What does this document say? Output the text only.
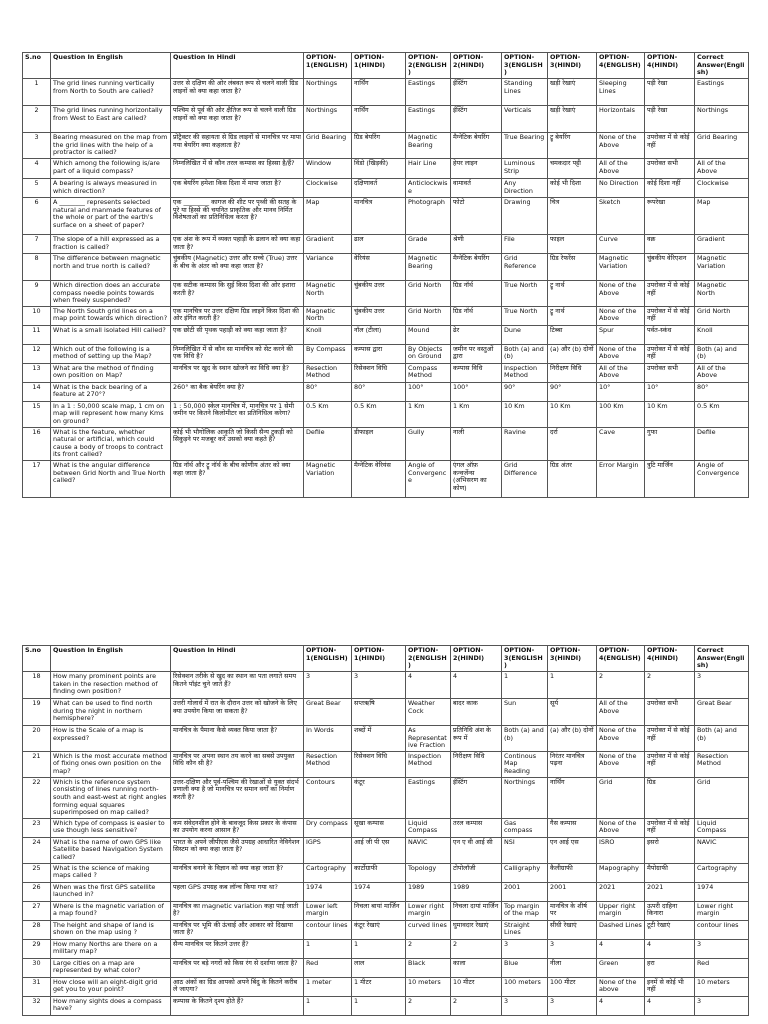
S.no	Question In English	Question In Hindi	OPTION-1(ENGLISH)	OPTION-1(HINDI)	OPTION-2(ENGLISH)	OPTION-2(HINDI)	OPTION-3(ENGLISH)	OPTION-3(HINDI)	OPTION-4(ENGLISH)	OPTION-4(HINDI)	Correct Answer(English)
1	The grid lines running vertically from North to South are called?	उत्तर से दक्षिण की ओर लंबवत रूप से चलने वाली ग्रिड लाइनों को क्या कहा जाता है?	Northings	नार्थिंग	Eastings	ईस्टिंग	Standing Lines	खड़ी रेखाएं	Sleeping Lines	पड़ी रेखा	Eastings
2	The grid lines running horizontally from West to East are called?	पश्चिम से पूर्व की ओर क्षैतिज रूप से चलने वाली ग्रिड लाइनों को क्या कहा जाता है?	Northings	नार्थिंग	Eastings	ईस्टिंग	Verticals	खड़ी रेखाएं	Horizontals	पड़ी रेखा	Northings
3	Bearing measured on the map from the grid lines with the help of a protractor is called?	प्रोट्रैक्टर की सहायता से ग्रिड लाइनों से मानचित्र पर मापा गया बेयरिंग क्या कहलाता है?	Grid Bearing	ग्रिड बेयरिंग	Magnetic Bearing	मैग्नेटिक बेयरिंग	True Bearing	ट्रू बेयरिंग	None of the Above	उपरोक्त में से कोई नहीं	Grid Bearing
4	Which among the following is/are part of a liquid compass?	निम्नलिखित में से कौन तरल कम्पास का हिस्सा है/हैं?	Window	विंडो (खिड़की)	Hair Line	हेयर लाइन	Luminous Strip	चमकदार पट्टी	All of the Above	उपरोक्त सभी	All of the Above
5	A bearing is always measured in which direction?	एक बेयरिंग हमेशा किस दिशा में मापा जाता है?	Clockwise	दक्षिणावर्त	Anticlockwise	वामावर्त	Any Direction	कोई भी दिशा	No Direction	कोई दिशा नहीं	Clockwise
6	A ________ represents selected natural and manmade features of the whole or part of the earth's surface on a sheet of paper?	एक ________ कागज की शीट पर पृथ्वी की सतह के पूरे या हिस्से की चयनित प्राकृतिक और मानव निर्मित विशेषताओं का प्रतिनिधित्व करता है?	Map	मानचित्र	Photograph	फोटो	Drawing	चित्र	Sketch	रूपरेखा	Map
7	The slope of a hill expressed as a fraction is called?	एक अंश के रूप में व्यक्त पहाड़ी के ढलान को क्या कहा जाता है?	Gradient	ढाल	Grade	श्रेणी	File	फाइल	Curve	वक्र	Gradient
8	The difference between magnetic north and true north is called?	चुंबकीय (Magnetic) उत्तर और सच्चे (True) उत्तर के बीच के अंतर को क्या कहा जाता है?	Variance	वेरियंस	Magnetic Bearing	मैग्नेटिक बेयरिंग	Grid Reference	ग्रिड रेफरेंस	Magnetic Variation	चुंबकीय वेरिएशन	Magnetic Variation
9	Which direction does an accurate compass needle points towards when freely suspended?	एक सटीक कम्पास कि सुई किस दिशा की ओर इशारा करती है?	Magnetic North	चुंबकीय उत्तर	Grid North	ग्रिड नॉर्थ	True North	ट्रू नार्थ	None of the Above	उपरोक्त में से कोई नहीं	Magnetic North
10	The North South grid lines on a map point towards which direction?	एक मानचित्र पर उत्तर दक्षिण ग्रिड लाइनें किस दिशा की ओर इंगित करती हैं?	Magnetic North	चुंबकीय उत्तर	Grid North	ग्रिड नॉर्थ	True North	ट्रू नार्थ	None of the Above	उपरोक्त में से कोई नहीं	Grid North
11	What is a small isolated Hill called?	एक छोटी सी पृथक पहाड़ी को क्या कहा जाता है?	Knoll	नॉल (टीला)	Mound	ढेर	Dune	टिब्बा	Spur	पर्वत-स्कंध	Knoll
12	Which out of the following is a method of setting up the Map?	निम्नलिखित में से कौन सा मानचित्र को सेट करने की एक विधि है?	By Compass	कम्पास द्वारा	By Objects on Ground	जमीन पर वस्तुओं द्वारा	Both (a) and (b)	(a) और (b) दोनों	None of the Above	उपरोक्त में से कोई नहीं	Both (a) and (b)
13	What are the method of finding own position on Map?	मानचित्र पर खुद के स्थान खोजने का विधि क्या है?	Resection Method	रिसेक्शन विधि	Compass Method	कम्पास विधि	Inspection Method	निरीक्षण विधि	All of the Above	उपरोक्त सभी	All of the Above
14	What is the back bearing of a feature at 270°?	260° का बैक बेयरिंग क्या है?	80°	80°	100°	100°	90°	90°	10°	10°	80°
15	In a 1 : 50,000 scale map, 1 cm on map will represent how many Kms on ground?	1 : 50,000 स्केल मानचित्र में, मानचित्र पर 1 सेमी जमीन पर कितने किलोमीटर का प्रतिनिधित्व करेगा?	0.5 Km	0.5 Km	1 Km	1 Km	10 Km	10 Km	100 Km	10 Km	0.5 Km
16	What is the feature, whether natural or artificial, which could cause a body of troops to contract its front called?	कोई भी भौगोलिक आकृति जो किसी सैन्य टुकड़ी को सिकुड़ने पर मजबूर करें उसको क्या कहते है?	Defile	डीफाइल	Gully	नाली	Ravine	दर्रा	Cave	गुफा	Defile
17	What is the angular difference between Grid North and True North called?	ग्रिड नॉर्थ और ट्रू नॉर्थ के बीच कोणीय अंतर को क्या कहा जाता है?	Magnetic Variation	मैग्नेटिक वेरियंस	Angle of Convergence	एंगल ऑफ़ कन्वर्जेन्स (अभिसरण का कोण)	Grid Difference	ग्रिड अंतर	Error Margin	त्रुटि मार्जिन	Angle of Convergence
S.no	Question In English	Question In Hindi	OPTION-1(ENGLISH)	OPTION-1(HINDI)	OPTION-2(ENGLISH)	OPTION-2(HINDI)	OPTION-3(ENGLISH)	OPTION-3(HINDI)	OPTION-4(ENGLISH)	OPTION-4(HINDI)	Correct Answer(English)
18	How many prominent points are taken in the resection method of finding own position?	रिसेक्शन तरीके से खुद का स्थान का पता लगाते समय कितने पॉइंट चुने जाते हैं?	3	3	4	4	1	1	2	2	3
19	What can be used to find north during the night in northern hemisphere?	उत्तरी गोलार्ध में रात के दौरान उत्तर को खोजने के लिए क्या उपयोग किया जा सकता है?	Great Bear	सप्तऋषि	Weather Cock	बादर काक	Sun	सूर्य	All of the Above	उपरोक्त सभी	Great Bear
20	How is the Scale of a map is expressed?	मानचित्र के पैमाना कैसे व्यक्त किया जाता है?	In Words	शब्दों में	As Representative Fraction	प्रतिनिधि अंश के रूप में	Both (a) and (b)	(a) और (b) दोनों	None of the Above	उपरोक्त में से कोई नहीं	Both (a) and (b)
21	Which is the most accurate method of fixing ones own position on the map?	मानचित्र पर अपना स्थान तय करने का सबसे उपयुक्त विधि कौन सी है?	Resection Method	रिसेक्शन विधि	Inspection Method	निरीक्षण विधि	Continous Map Reading	निरंतर मानचित्र पढ़ना	None of the Above	उपरोक्त में से कोई नहीं	Resection Method
22	Which is the reference system consisting of lines running north-south and east-west at right angles forming equal squares superimposed on map called?	उत्तर-दक्षिण और पूर्व-पश्चिम की रेखाओं से युक्त संदर्भ प्रणाली क्या है जो मानचित्र पर समान वर्गों का निर्माण करती है?	Contours	कंटूर	Eastings	ईस्टिंग	Northings	नार्थिंग	Grid	ग्रिड	Grid
23	Which type of compass is easier to use though less sensitive?	कम संवेदनशील होने के बावजूद किस प्रकार के कंपास का उपयोग करना आसान है?	Dry compass	सूखा कम्पास	Liquid Compass	तरल कम्पास	Gas compass	गैस कम्पास	None of the Above	उपरोक्त में से कोई नहीं	Liquid Compass
24	What is the name of own GPS like Satellite based Navigation System called?	भारत के अपने जीपीएस जैसे उपग्रह आधारित नेविगेशन सिस्टम को क्या कहा जाता है?	IGPS	आई जी पी एस	NAVIC	एन ए वी आई सी	NSI	एन आई एस	ISRO	इसरो	NAVIC
25	What is the science of making maps called ?	मानचित्र बनाने के विज्ञान को क्या कहा जाता है?	Cartography	कार्टोग्राफी	Topology	टोपोलॉजी	Calligraphy	कैलीग्राफी	Mapography	मैपोग्राफी	Cartography
26	When was the first GPS satellite launched in?	पहला GPS उपग्रह कब लॉन्च किया गया था?	1974	1974	1989	1989	2001	2001	2021	2021	1974
27	Where is the magnetic variation of a map found?	मानचित्र का magnetic variation कहा पाई जाती है?	Lower left margin	निचला बायां मार्जिन	Lower right margin	निचला दायां मार्जिन	Top margin of the map	मानचित्र के शीर्ष पर	Upper right margin	ऊपरी दाहिना किनारा	Lower right margin
28	The height and shape of land is shown on the map using ?	मानचित्र पर भूमि की ऊंचाई और आकार को दिखाया जाता है?	contour lines	कंटूर रेखाएं	curved lines	घुमावदार रेखाएं	Straight Lines	सीधी रेखाएं	Dashed Lines	टूटी रेखाएं	contour lines
29	How many Norths are there on a military map?	सैन्य मानचित्र पर कितने उत्तर हैं?	1	1	2	2	3	3	4	4	3
30	Large cities on a map are represented by what color?	मानचित्र पर बड़े नगरों को किस रंग से दर्शाया जाता है?	Red	लाल	Black	काला	Blue	नीला	Green	हरा	Red
31	How close will an eight-digit grid get you to your point?	आठ अंकों का ग्रिड आपको अपने बिंदु के कितने करीब ले जाएगा?	1 meter	1 मीटर	10 meters	10 मीटर	100 meters	100 मीटर	None of the above	इनमें से कोई भी नहीं	10 meters
32	How many sights does a compass have?	कम्पास के कितने दृश्य होते हैं?	1	1	2	2	3	3	4	4	3
